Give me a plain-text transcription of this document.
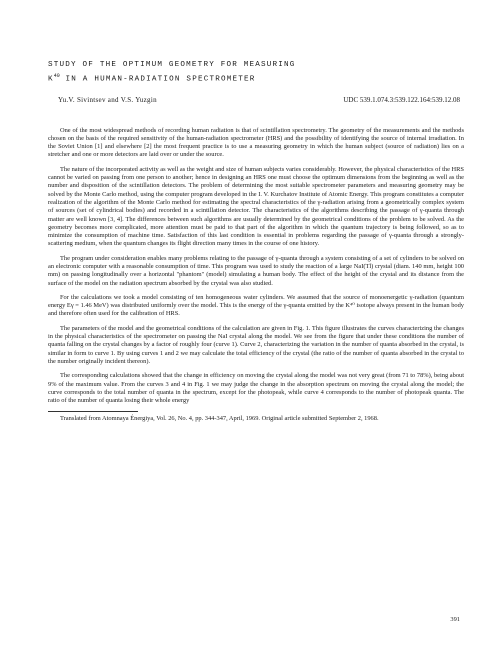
STUDY OF THE OPTIMUM GEOMETRY FOR MEASURING
$K^{40}$ IN A HUMAN-RADIATION SPECTROMETER

Yu.V. Sivintsev and V.S. Yuzgin	UDC 539.1.074.3:539.122.164:539.12.08

One of the most widespread methods of recording human radiation is that of scintillation spectrometry. The geometry of the measurements and the methods chosen on the basis of the required sensitivity of the human-radiation spectrometer (HRS) and the possibility of identifying the source of internal irradiation. In the Soviet Union [1] and elsewhere [2] the most frequent practice is to use a measuring geometry in which the human subject (source of radiation) lies on a stretcher and one or more detectors are laid over or under the source.

The nature of the incorporated activity as well as the weight and size of human subjects varies considerably. However, the physical characteristics of the HRS cannot be varied on passing from one person to another; hence in designing an HRS one must choose the optimum dimensions from the beginning as well as the number and disposition of the scintillation detectors. The problem of determining the most suitable spectrometer parameters and measuring geometry may be solved by the Monte Carlo method, using the computer program developed in the I. V. Kurchatov Institute of Atomic Energy. This program constitutes a computer realization of the algorithm of the Monte Carlo method for estimating the spectral characteristics of the γ-radiation arising from a geometrically complex system of sources (set of cylindrical bodies) and recorded in a scintillation detector. The characteristics of the algorithms describing the passage of γ-quanta through matter are well known [3, 4]. The differences between such algorithms are usually determined by the geometrical conditions of the problem to be solved. As the geometry becomes more complicated, more attention must be paid to that part of the algorithm in which the quantum trajectory is being followed, so as to minimize the consumption of machine time. Satisfaction of this last condition is essential in problems regarding the passage of γ-quanta through a strongly-scattering medium, when the quantum changes its flight direction many times in the course of one history.

The program under consideration enables many problems relating to the passage of γ-quanta through a system consisting of a set of cylinders to be solved on an electronic computer with a reasonable consumption of time. This program was used to study the reaction of a large NaI(Tl) crystal (diam. 140 mm, height 100 mm) on passing longitudinally over a horizontal "phantom" (model) simulating a human body. The effect of the height of the crystal and its distance from the surface of the model on the radiation spectrum absorbed by the crystal was also studied.

For the calculations we took a model consisting of ten homogeneous water cylinders. We assumed that the source of monoenergetic γ-radiation (quantum energy Eγ = 1.46 MeV) was distributed uniformly over the model. This is the energy of the γ-quanta emitted by the K⁴⁰ isotope always present in the human body and therefore often used for the calibration of HRS.

The parameters of the model and the geometrical conditions of the calculation are given in Fig. 1. This figure illustrates the curves characterizing the changes in the physical characteristics of the spectrometer on passing the NaI crystal along the model. We see from the figure that under these conditions the number of quanta falling on the crystal changes by a factor of roughly four (curve 1). Curve 2, characterizing the variation in the number of quanta absorbed in the crystal, is similar in form to curve 1. By using curves 1 and 2 we may calculate the total efficiency of the crystal (the ratio of the number of quanta absorbed in the crystal to the number originally incident thereon).

The corresponding calculations showed that the change in efficiency on moving the crystal along the model was not very great (from 71 to 78%), being about 9% of the maximum value. From the curves 3 and 4 in Fig. 1 we may judge the change in the absorption spectrum on moving the crystal along the model; the curve corresponds to the total number of quanta in the spectrum, except for the photopeak, while curve 4 corresponds to the number of photopeak quanta. The ratio of the number of quanta losing their whole energy

Translated from Atomnaya Énergiya, Vol. 26, No. 4, pp. 344-347, April, 1969. Original article submitted September 2, 1968.

391
